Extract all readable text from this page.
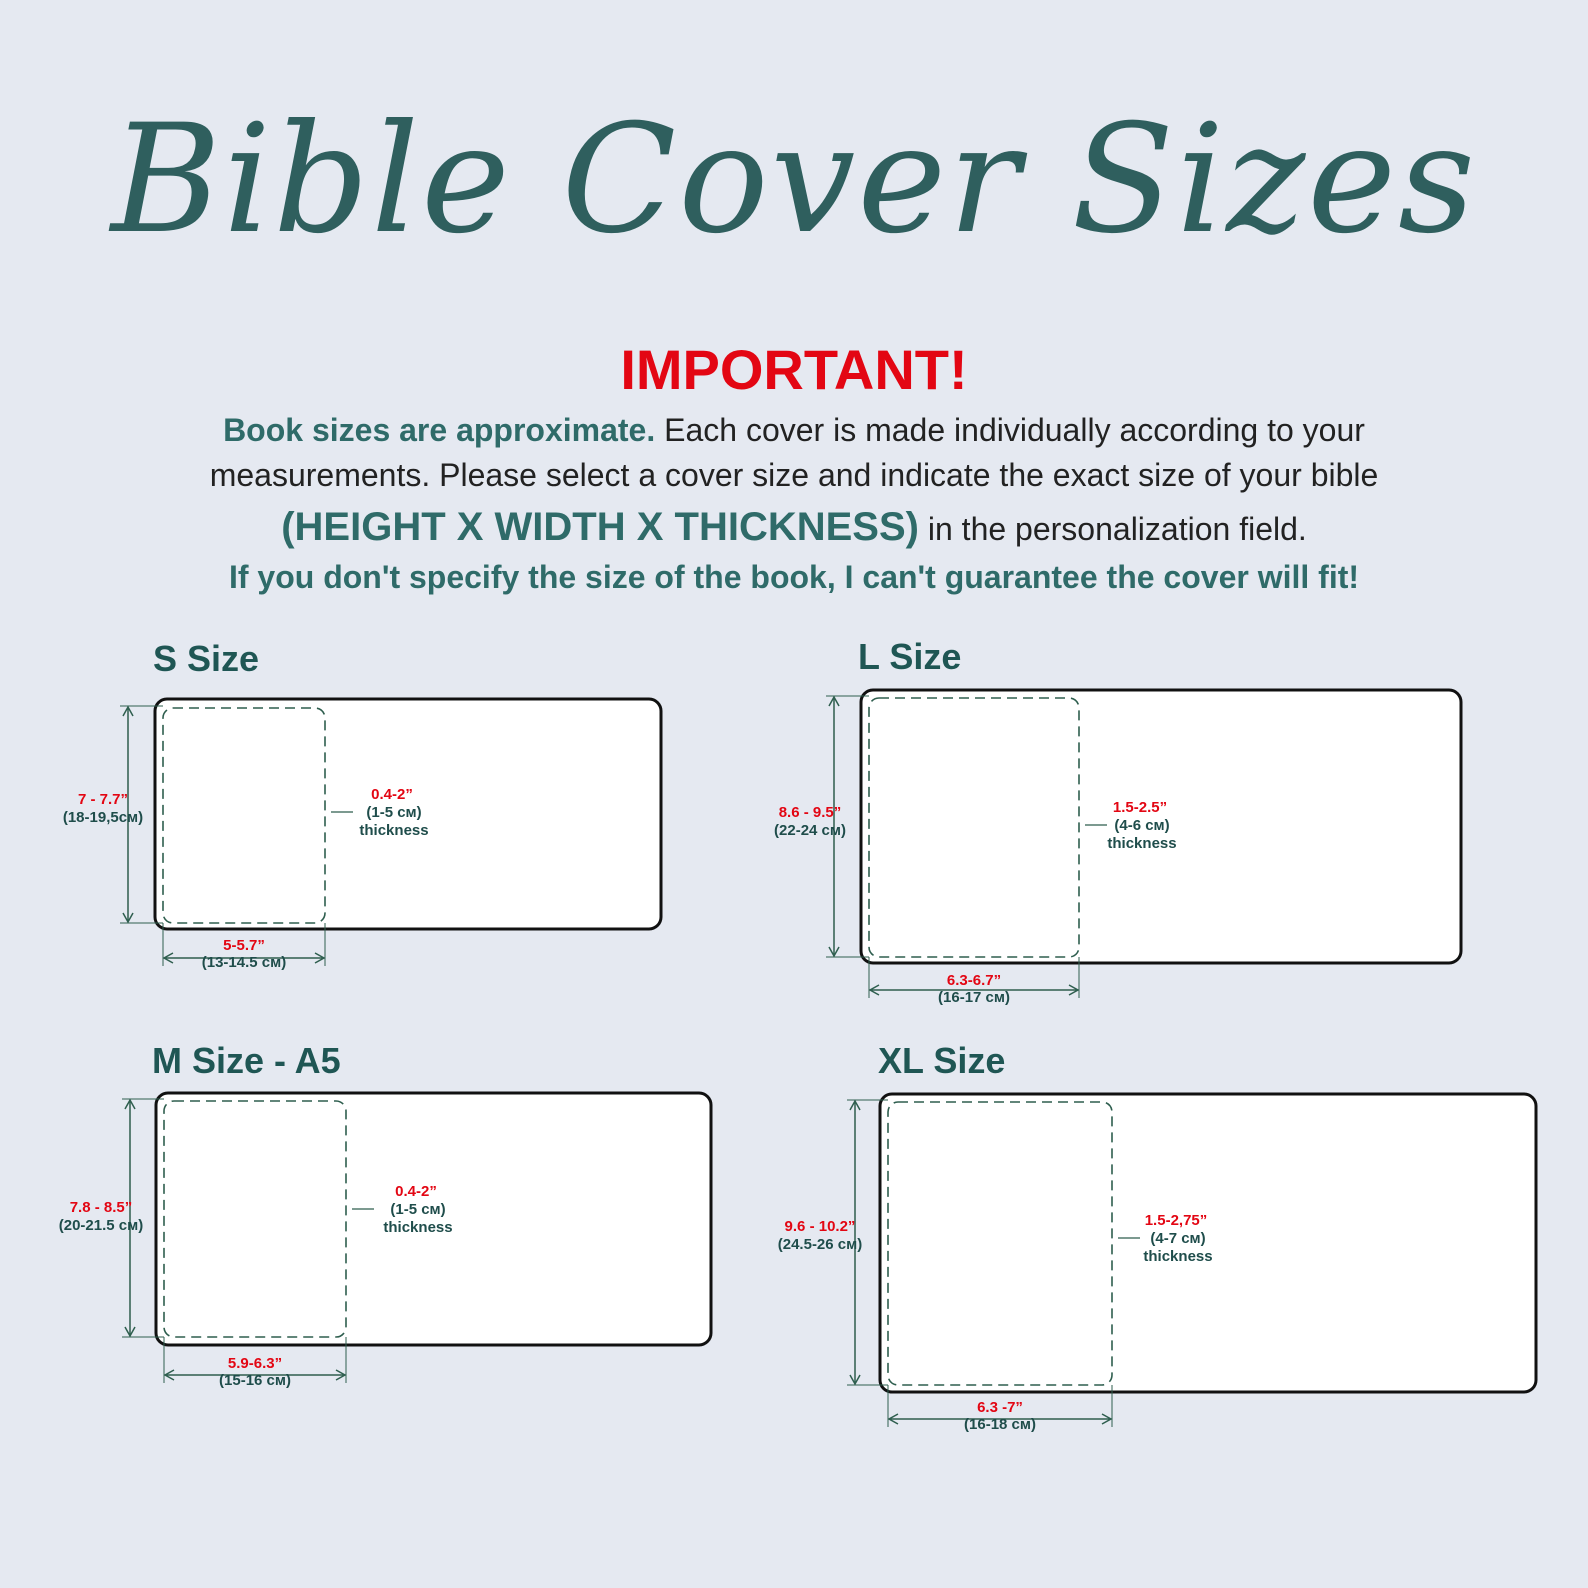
Bible Cover Sizes
IMPORTANT!
Book sizes are approximate. Each cover is made individually according to your
measurements. Please select a cover size and indicate the exact size of your bible
(HEIGHT X WIDTH X THICKNESS) in the personalization field.
If you don't specify the size of the book, I can't guarantee the cover will fit!
S Size	L Size
M Size - A5	XL Size
7 - 7.7”
(18-19,5см)
5-5.7”
(13-14.5 см)
0.4-2”
(1-5 см)
thickness
8.6 - 9.5”
(22-24 см)
6.3-6.7”
(16-17 см)
1.5-2.5”
(4-6 см)
thickness
7.8 - 8.5”
(20-21.5 см)
5.9-6.3”
(15-16 см)
0.4-2”
(1-5 см)
thickness	9.6 - 10.2”
(24.5-26 см)
6.3 -7”
(16-18 см)
1.5-2,75”
(4-7 см)
thickness
